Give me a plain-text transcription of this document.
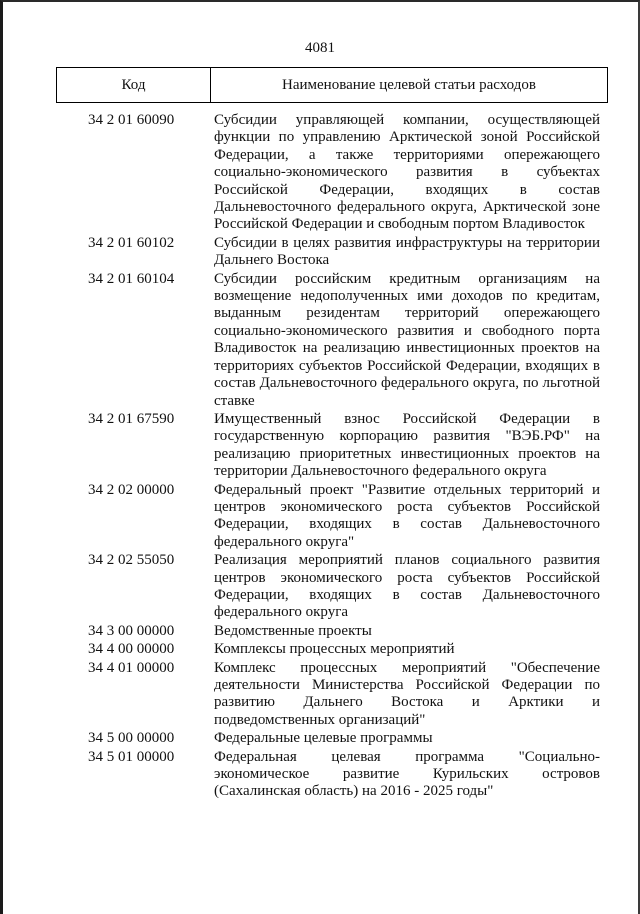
4081
Код	Наименование целевой статьи расходов
34 2 01 60090	Субсидии управляющей компании, осуществляющей функции по управлению Арктической зоной Российской Федерации, а также территориями опережающего социально-экономического развития в субъектах Российской Федерации, входящих в состав Дальневосточного федерального округа, Арктической зоне Российской Федерации и свободным портом Владивосток
34 2 01 60102	Субсидии в целях развития инфраструктуры на территории Дальнего Востока
34 2 01 60104	Субсидии российским кредитным организациям на возмещение недополученных ими доходов по кредитам, выданным резидентам территорий опережающего социально-экономического развития и свободного порта Владивосток на реализацию инвестиционных проектов на территориях субъектов Российской Федерации, входящих в состав Дальневосточного федерального округа, по льготной ставке
34 2 01 67590	Имущественный взнос Российской Федерации в государственную корпорацию развития "ВЭБ.РФ" на реализацию приоритетных инвестиционных проектов на территории Дальневосточного федерального округа
34 2 02 00000	Федеральный проект "Развитие отдельных территорий и центров экономического роста субъектов Российской Федерации, входящих в состав Дальневосточного федерального округа"
34 2 02 55050	Реализация мероприятий планов социального развития центров экономического роста субъектов Российской Федерации, входящих в состав Дальневосточного федерального округа
34 3 00 00000	Ведомственные проекты
34 4 00 00000	Комплексы процессных мероприятий
34 4 01 00000	Комплекс процессных мероприятий "Обеспечение деятельности Министерства Российской Федерации по развитию Дальнего Востока и Арктики и подведомственных организаций"
34 5 00 00000	Федеральные целевые программы
34 5 01 00000	Федеральная целевая программа "Социально-экономическое развитие Курильских островов (Сахалинская область) на 2016 - 2025 годы"
